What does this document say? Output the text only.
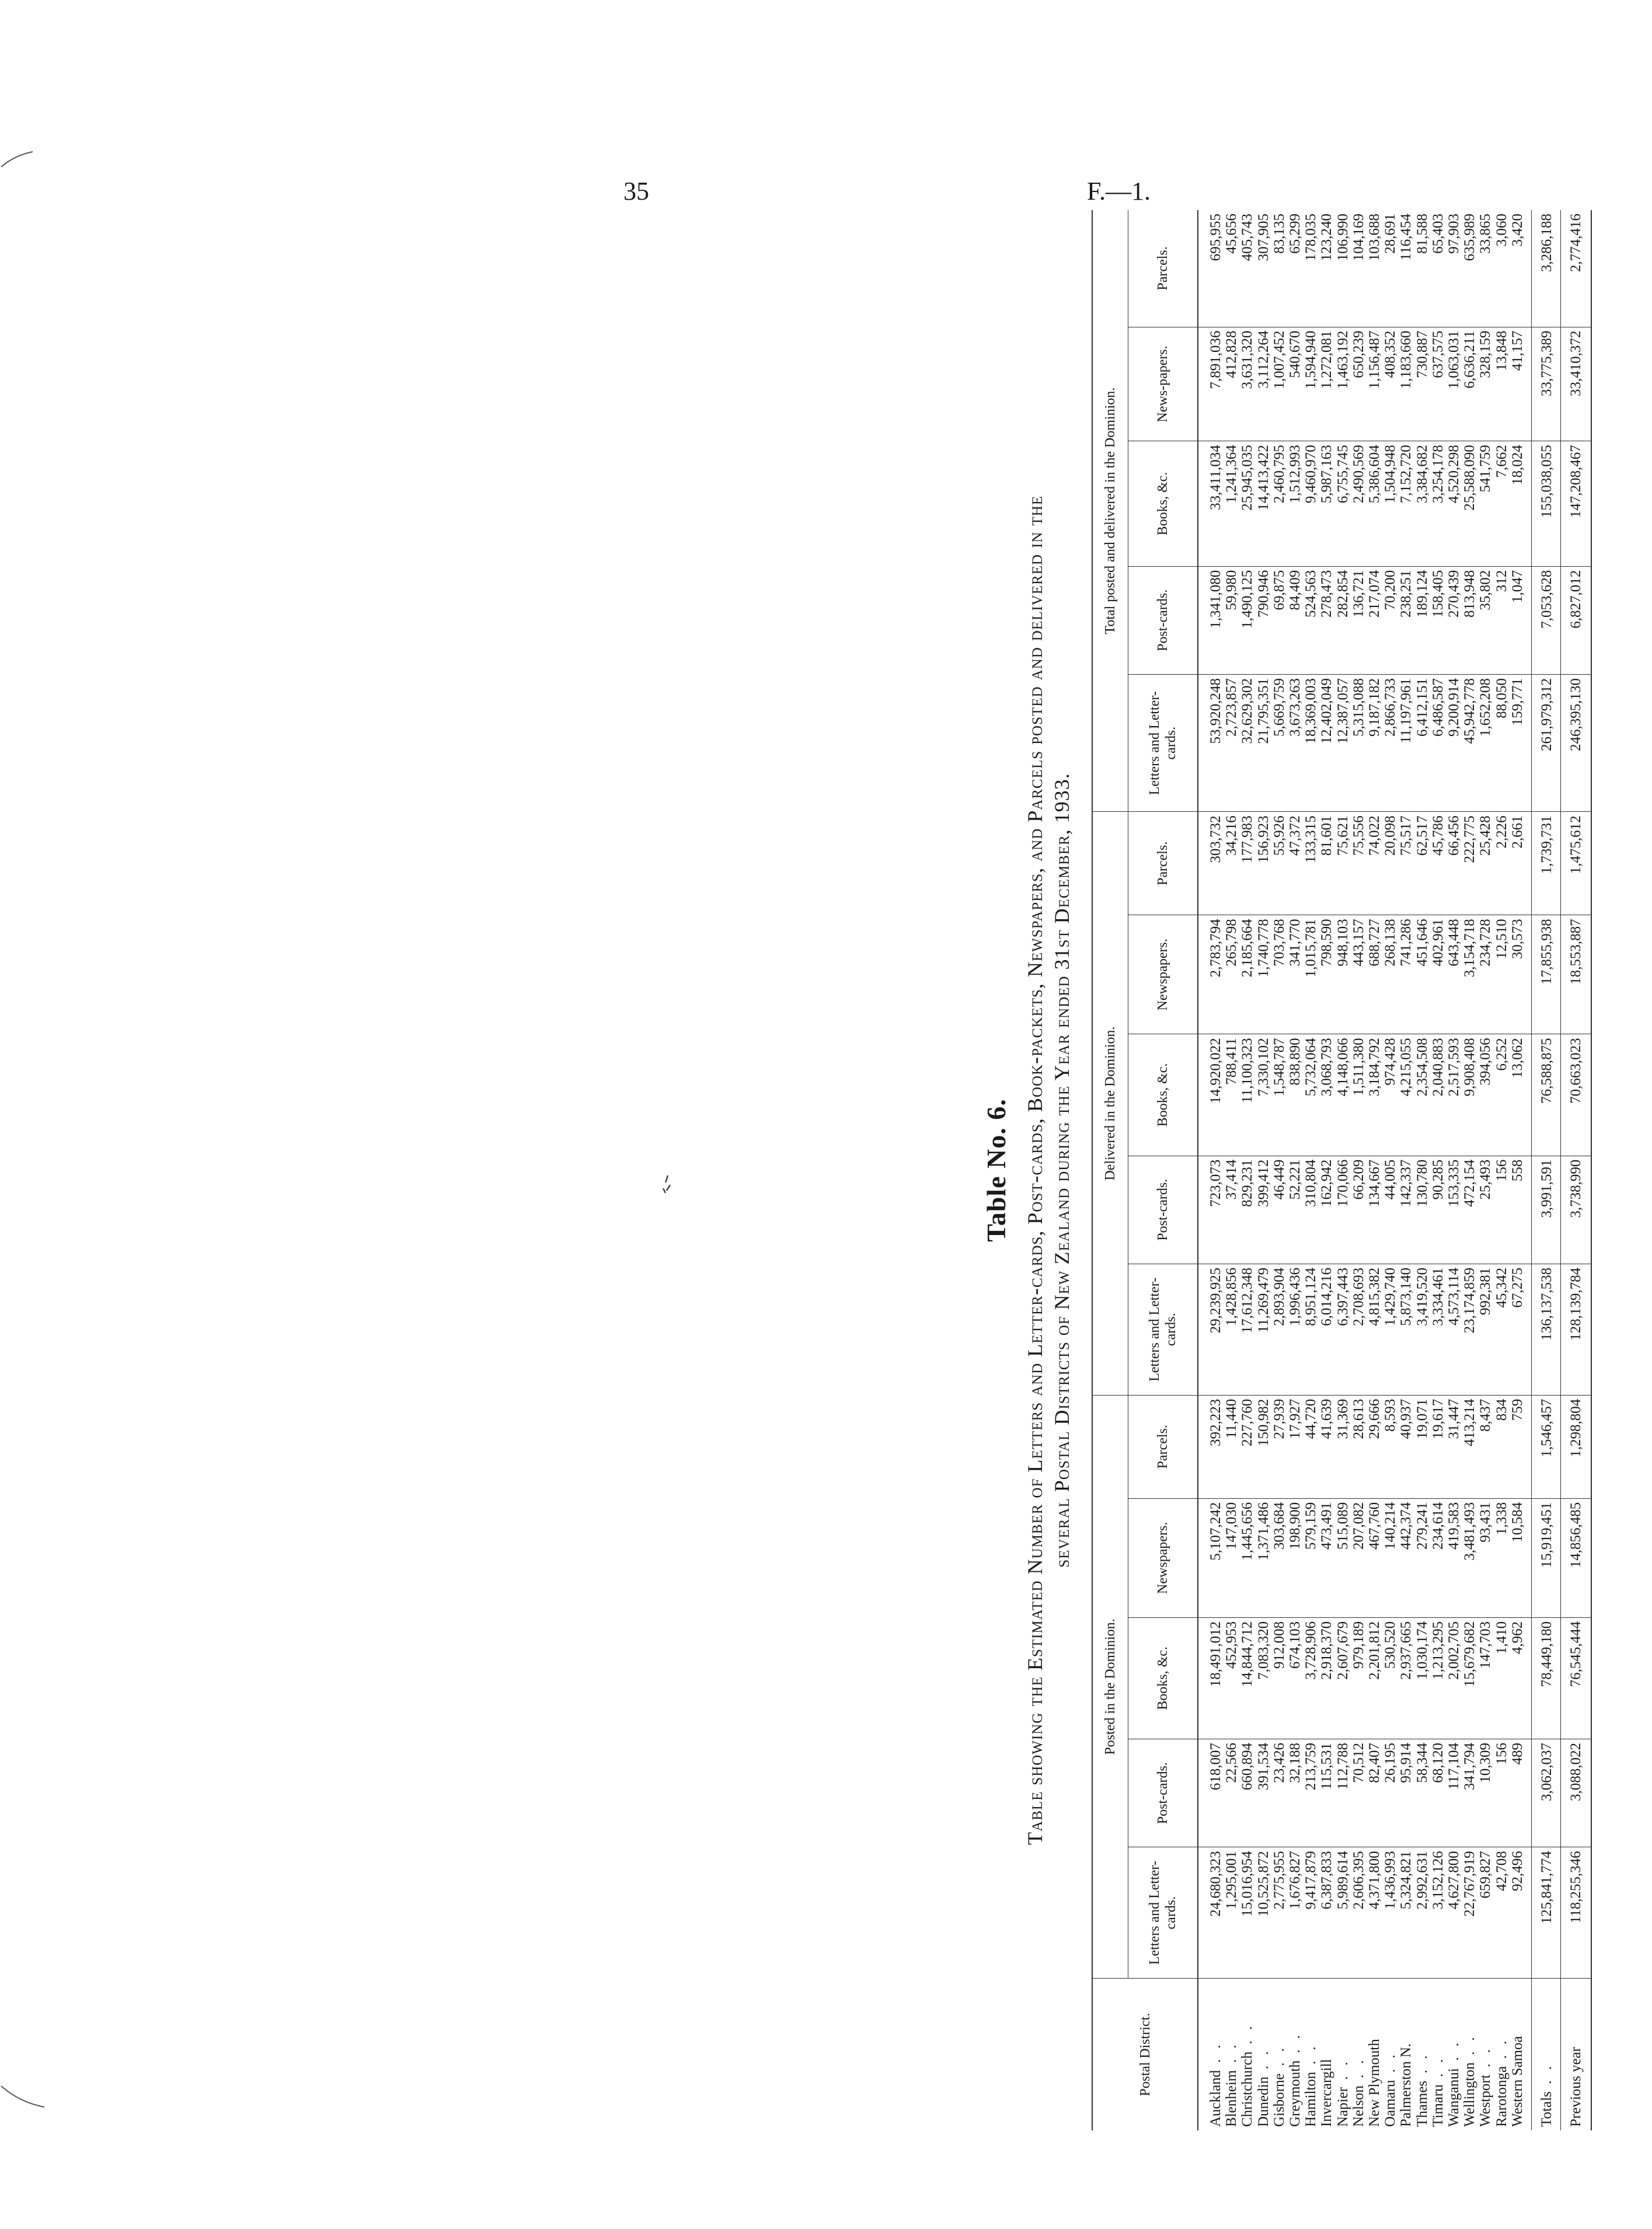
35	F.—1.
Table No. 6. Table showing the Estimated Number of Letters and Letter-cards, Post-cards, Book-packets, Newspapers, and Parcels posted and delivered in the several Postal Districts of New Zealand during the Year ended 31st December, 1933.
Postal District.	Posted in the Dominion.					Delivered in the Dominion.					Total posted and delivered in the Dominion.				
	Letters and Letter-cards.	Post-cards.	Books, &c.	Newspapers.	Parcels.	Letters and Letter-cards.	Post-cards.	Books, &c.	Newspapers.	Parcels.	Letters and Letter-cards.	Post-cards.	Books, &c.	News-papers.	Parcels.
Auckland  . .	24,680,323	618,007	18,491,012	5,107,242	392,223	29,239,925	723,073	14,920,022	2,783,794	303,732	53,920,248	1,341,080	33,411,034	7,891,036	695,955
Blenheim  . .	1,295,001	22,566	452,953	147,030	11,440	1,428,856	37,414	788,411	265,798	34,216	2,723,857	59,980	1,241,364	412,828	45,656
Christchurch  . .	15,016,954	660,894	14,844,712	1,445,656	227,760	17,612,348	829,231	11,100,323	2,185,664	177,983	32,629,302	1,490,125	25,945,035	3,631,320	405,743
Dunedin  . .	10,525,872	391,534	7,083,320	1,371,486	150,982	11,269,479	399,412	7,330,102	1,740,778	156,923	21,795,351	790,946	14,413,422	3,112,264	307,905
Gisborne  . .	2,775,955	23,426	912,008	303,684	27,939	2,893,904	46,449	1,548,787	703,768	55,926	5,669,759	69,875	2,460,795	1,007,452	83,135
Greymouth  . .	1,676,827	32,188	674,103	198,900	17,927	1,996,436	52,221	838,890	341,770	47,372	3,673,263	84,409	1,512,993	540,670	65,299
Hamilton  . .	9,417,879	213,759	3,728,906	579,159	44,720	8,951,124	310,804	5,732,064	1,015,781	133,315	18,369,003	524,563	9,460,970	1,594,940	178,035
Invercargill	6,387,833	115,531	2,918,370	473,491	41,639	6,014,216	162,942	3,068,793	798,590	81,601	12,402,049	278,473	5,987,163	1,272,081	123,240
Napier  . .	5,989,614	112,788	2,607,679	515,089	31,369	6,397,443	170,066	4,148,066	948,103	75,621	12,387,057	282,854	6,755,745	1,463,192	106,990
Nelson  . .	2,606,395	70,512	979,189	207,082	28,613	2,708,693	66,209	1,511,380	443,157	75,556	5,315,088	136,721	2,490,569	650,239	104,169
New Plymouth	4,371,800	82,407	2,201,812	467,760	29,666	4,815,382	134,667	3,184,792	688,727	74,022	9,187,182	217,074	5,386,604	1,156,487	103,688
Oamaru  . .	1,436,993	26,195	530,520	140,214	8,593	1,429,740	44,005	974,428	268,138	20,098	2,866,733	70,200	1,504,948	408,352	28,691
Palmerston N.	5,324,821	95,914	2,937,665	442,374	40,937	5,873,140	142,337	4,215,055	741,286	75,517	11,197,961	238,251	7,152,720	1,183,660	116,454
Thames  . .	2,992,631	58,344	1,030,174	279,241	19,071	3,419,520	130,780	2,354,508	451,646	62,517	6,412,151	189,124	3,384,682	730,887	81,588
Timaru  . .	3,152,126	68,120	1,213,295	234,614	19,617	3,334,461	90,285	2,040,883	402,961	45,786	6,486,587	158,405	3,254,178	637,575	65,403
Wanganui  . .	4,627,800	117,104	2,002,705	419,583	31,447	4,573,114	153,335	2,517,593	643,448	66,456	9,200,914	270,439	4,520,298	1,063,031	97,903
Wellington  . .	22,767,919	341,794	15,679,682	3,481,493	413,214	23,174,859	472,154	9,908,408	3,154,718	222,775	45,942,778	813,948	25,588,090	6,636,211	635,989
Westport  . .	659,827	10,309	147,703	93,431	8,437	992,381	25,493	394,056	234,728	25,428	1,652,208	35,802	541,759	328,159	33,865
Rarotonga  . .	42,708	156	1,410	1,338	834	45,342	156	6,252	12,510	2,226	88,050	312	7,662	13,848	3,060
Western Samoa	92,496	489	4,962	10,584	759	67,275	558	13,062	30,573	2,661	159,771	1,047	18,024	41,157	3,420
Totals  . .	125,841,774	3,062,037	78,449,180	15,919,451	1,546,457	136,137,538	3,991,591	76,588,875	17,855,938	1,739,731	261,979,312	7,053,628	155,038,055	33,775,389	3,286,188
Previous year	118,255,346	3,088,022	76,545,444	14,856,485	1,298,804	128,139,784	3,738,990	70,663,023	18,553,887	1,475,612	246,395,130	6,827,012	147,208,467	33,410,372	2,774,416
